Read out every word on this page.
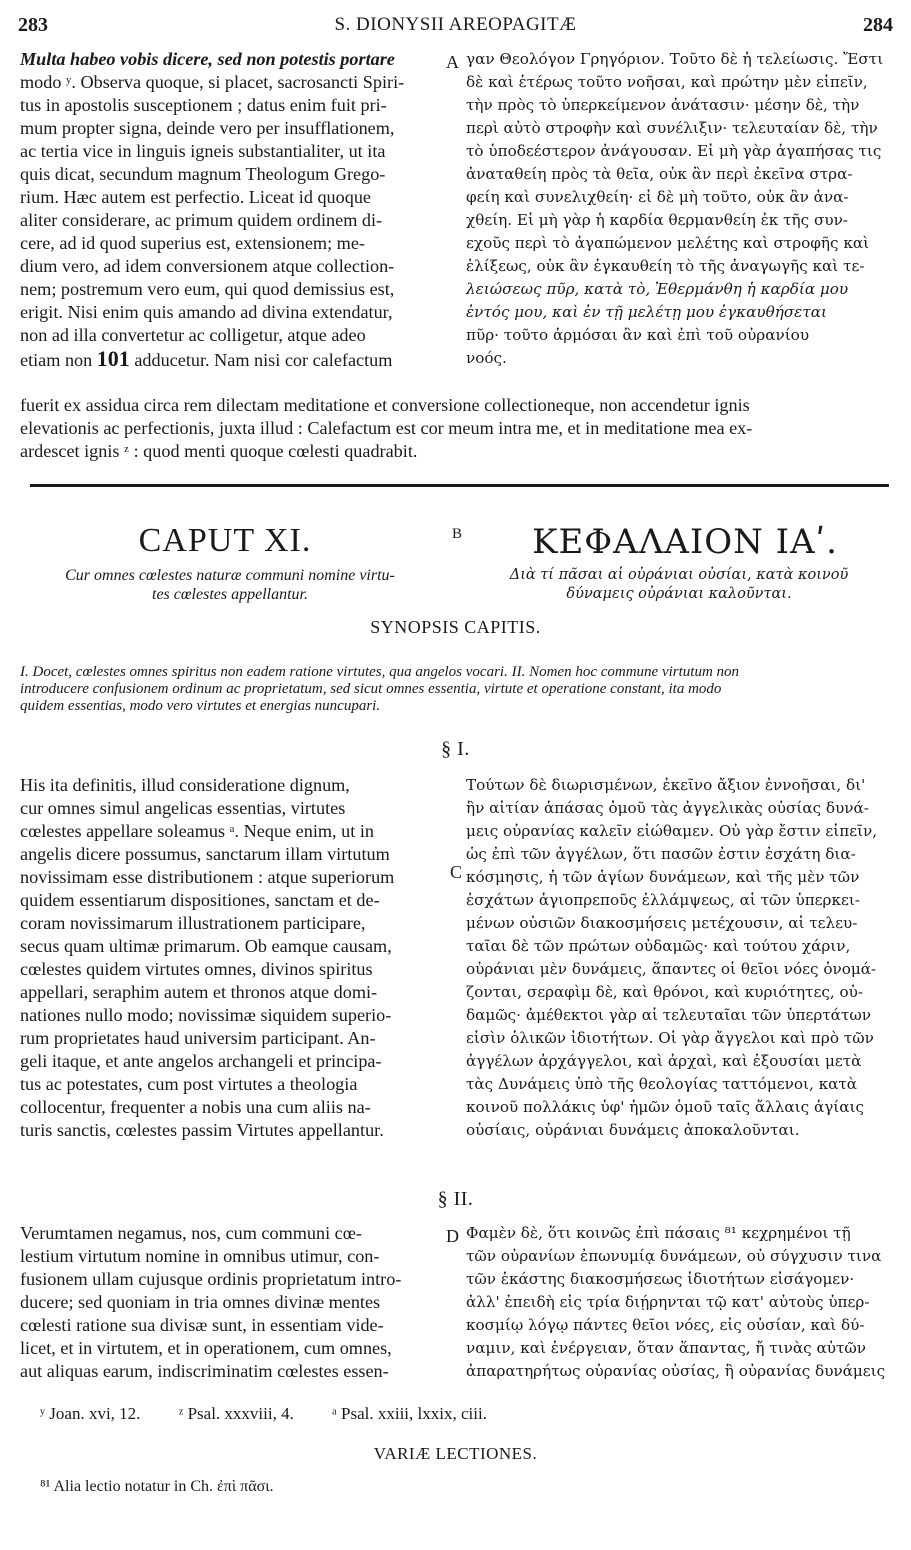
283	S. DIONYSII AREOPAGITÆ	284

Multa habeo vobis dicere, sed non potestis portare

modo ʸ. Observa quoque, si placet, sacrosancti Spiri-

tus in apostolis susceptionem ; datus enim fuit pri-

mum propter signa, deinde vero per insufflationem,

ac tertia vice in linguis igneis substantialiter, ut ita

quis dicat, secundum magnum Theologum Grego-

rium. Hæc autem est perfectio. Liceat id quoque

aliter considerare, ac primum quidem ordinem di-

cere, ad id quod superius est, extensionem; me-

dium vero, ad idem conversionem atque collection-

nem; postremum vero eum, qui quod demissius est,

erigit. Nisi enim quis amando ad divina extendatur,

non ad illa convertetur ac colligetur, atque adeo

etiam non 101 adducetur. Nam nisi cor calefactum

A γαν Θεολόγον Γρηγόριον. Τοῦτο δὲ ἡ τελείωσις. Ἔστι

δὲ καὶ ἑτέρως τοῦτο νοῆσαι, καὶ πρώτην μὲν εἰπεῖν,

τὴν πρὸς τὸ ὑπερκείμενον ἀνάτασιν· μέσην δὲ, τὴν

περὶ αὐτὸ στροφὴν καὶ συνέλιξιν· τελευταίαν δὲ, τὴν

τὸ ὑποδεέστερον ἀνάγουσαν. Εἰ μὴ γὰρ ἀγαπήσας τις

ἀναταθείη πρὸς τὰ θεῖα, οὐκ ἂν περὶ ἐκεῖνα στρα-

φείη καὶ συνελιχθείη· εἰ δὲ μὴ τοῦτο, οὐκ ἂν ἀνα-

χθείη. Εἰ μὴ γὰρ ἡ καρδία θερμανθείη ἐκ τῆς συν-

εχοῦς περὶ τὸ ἀγαπώμενον μελέτης καὶ στροφῆς καὶ

ἐλίξεως, οὐκ ἂν ἐγκαυθείη τὸ τῆς ἀναγωγῆς καὶ τε-

λειώσεως πῦρ, κατὰ τὸ, Ἐθερμάνθη ἡ καρδία μου

ἐντός μου, καὶ ἐν τῇ μελέτῃ μου ἐγκαυθήσεται

πῦρ· τοῦτο ἁρμόσαι ἂν καὶ ἐπὶ τοῦ οὐρανίου

νοός.

fuerit ex assidua circa rem dilectam meditatione et conversione collectioneque, non accendetur ignis

elevationis ac perfectionis, juxta illud : Calefactum est cor meum intra me, et in meditatione mea ex-

ardescet ignis ᶻ : quod menti quoque cœlesti quadrabit.

CAPUT XI.	B	ΚΕΦΑΛΑΙΟΝ ΙΑʹ.
Cur omnes cœlestes naturæ communi nomine virtu-
tes cœlestes appellantur.
Διὰ τί πᾶσαι αἱ οὐράνιαι οὐσίαι, κατὰ κοινοῦ
δύναμεις οὐράνιαι καλοῦνται.
SYNOPSIS CAPITIS.
I. Docet, cœlestes omnes spiritus non eadem ratione virtutes, qua angelos vocari. II. Nomen hoc commune virtutum non
introducere confusionem ordinum ac proprietatum, sed sicut omnes essentia, virtute et operatione constant, ita modo
quidem essentias, modo vero virtutes et energias nuncupari.
§ I.

His ita definitis, illud consideratione dignum,

cur omnes simul angelicas essentias, virtutes

cœlestes appellare soleamus ᵃ. Neque enim, ut in

angelis dicere possumus, sanctarum illam virtutum

novissimam esse distributionem : atque superiorum

quidem essentiarum dispositiones, sanctam et de-

coram novissimarum illustrationem participare,

secus quam ultimæ primarum. Ob eamque causam,

cœlestes quidem virtutes omnes, divinos spiritus

appellari, seraphim autem et thronos atque domi-

nationes nullo modo; novissimæ siquidem superio-

rum proprietates haud universim participant. An-

geli itaque, et ante angelos archangeli et principa-

tus ac potestates, cum post virtutes a theologia

collocentur, frequenter a nobis una cum aliis na-

turis sanctis, cœlestes passim Virtutes appellantur.

C

Τούτων δὲ διωρισμένων, ἐκεῖνο ἄξιον ἐννοῆσαι, δι'

ἣν αἰτίαν ἁπάσας ὁμοῦ τὰς ἀγγελικὰς οὐσίας δυνά-

μεις οὐρανίας καλεῖν εἰώθαμεν. Οὐ γὰρ ἔστιν εἰπεῖν,

ὡς ἐπὶ τῶν ἀγγέλων, ὅτι πασῶν ἐστιν ἐσχάτη δια-

κόσμησις, ἡ τῶν ἁγίων δυνάμεων, καὶ τῆς μὲν τῶν

ἐσχάτων ἁγιοπρεποῦς ἐλλάμψεως, αἱ τῶν ὑπερκει-

μένων οὐσιῶν διακοσμήσεις μετέχουσιν, αἱ τελευ-

ταῖαι δὲ τῶν πρώτων οὐδαμῶς· καὶ τούτου χάριν,

οὐράνιαι μὲν δυνάμεις, ἅπαντες οἱ θεῖοι νόες ὀνομά-

ζονται, σεραφὶμ δὲ, καὶ θρόνοι, καὶ κυριότητες, οὐ-

δαμῶς· ἀμέθεκτοι γὰρ αἱ τελευταῖαι τῶν ὑπερτάτων

εἰσὶν ὁλικῶν ἰδιοτήτων. Οἱ γὰρ ἄγγελοι καὶ πρὸ τῶν

ἀγγέλων ἀρχάγγελοι, καὶ ἀρχαὶ, καὶ ἐξουσίαι μετὰ

τὰς Δυνάμεις ὑπὸ τῆς θεολογίας ταττόμενοι, κατὰ

κοινοῦ πολλάκις ὑφ' ἡμῶν ὁμοῦ ταῖς ἄλλαις ἁγίαις

οὐσίαις, οὐράνιαι δυνάμεις ἀποκαλοῦνται.

§ II.

Verumtamen negamus, nos, cum communi cœ-

lestium virtutum nomine in omnibus utimur, con-

fusionem ullam cujusque ordinis proprietatum intro-

ducere; sed quoniam in tria omnes divinæ mentes

cœlesti ratione sua divisæ sunt, in essentiam vide-

licet, et in virtutem, et in operationem, cum omnes,

aut aliquas earum, indiscriminatim cœlestes essen-

D Φαμὲν δὲ, ὅτι κοινῶς ἐπὶ πάσαις ⁸¹ κεχρημένοι τῇ

τῶν οὐρανίων ἐπωνυμίᾳ δυνάμεων, οὐ σύγχυσιν τινα

τῶν ἑκάστης διακοσμήσεως ἰδιοτήτων εἰσάγομεν·

ἀλλ' ἐπειδὴ εἰς τρία διῄρηνται τῷ κατ' αὐτοὺς ὑπερ-

κοσμίῳ λόγῳ πάντες θεῖοι νόες, εἰς οὐσίαν, καὶ δύ-

ναμιν, καὶ ἐνέργειαν, ὅταν ἅπαντας, ἤ τινὰς αὐτῶν

ἀπαρατηρήτως οὐρανίας οὐσίας, ἢ οὐρανίας δυνάμεις

ʸ Joan. xvi, 12. ᶻ Psal. xxxviii, 4. ᵃ Psal. xxiii, lxxix, ciii.
VARIÆ LECTIONES.
⁸¹ Alia lectio notatur in Ch. ἐπὶ πᾶσι.
